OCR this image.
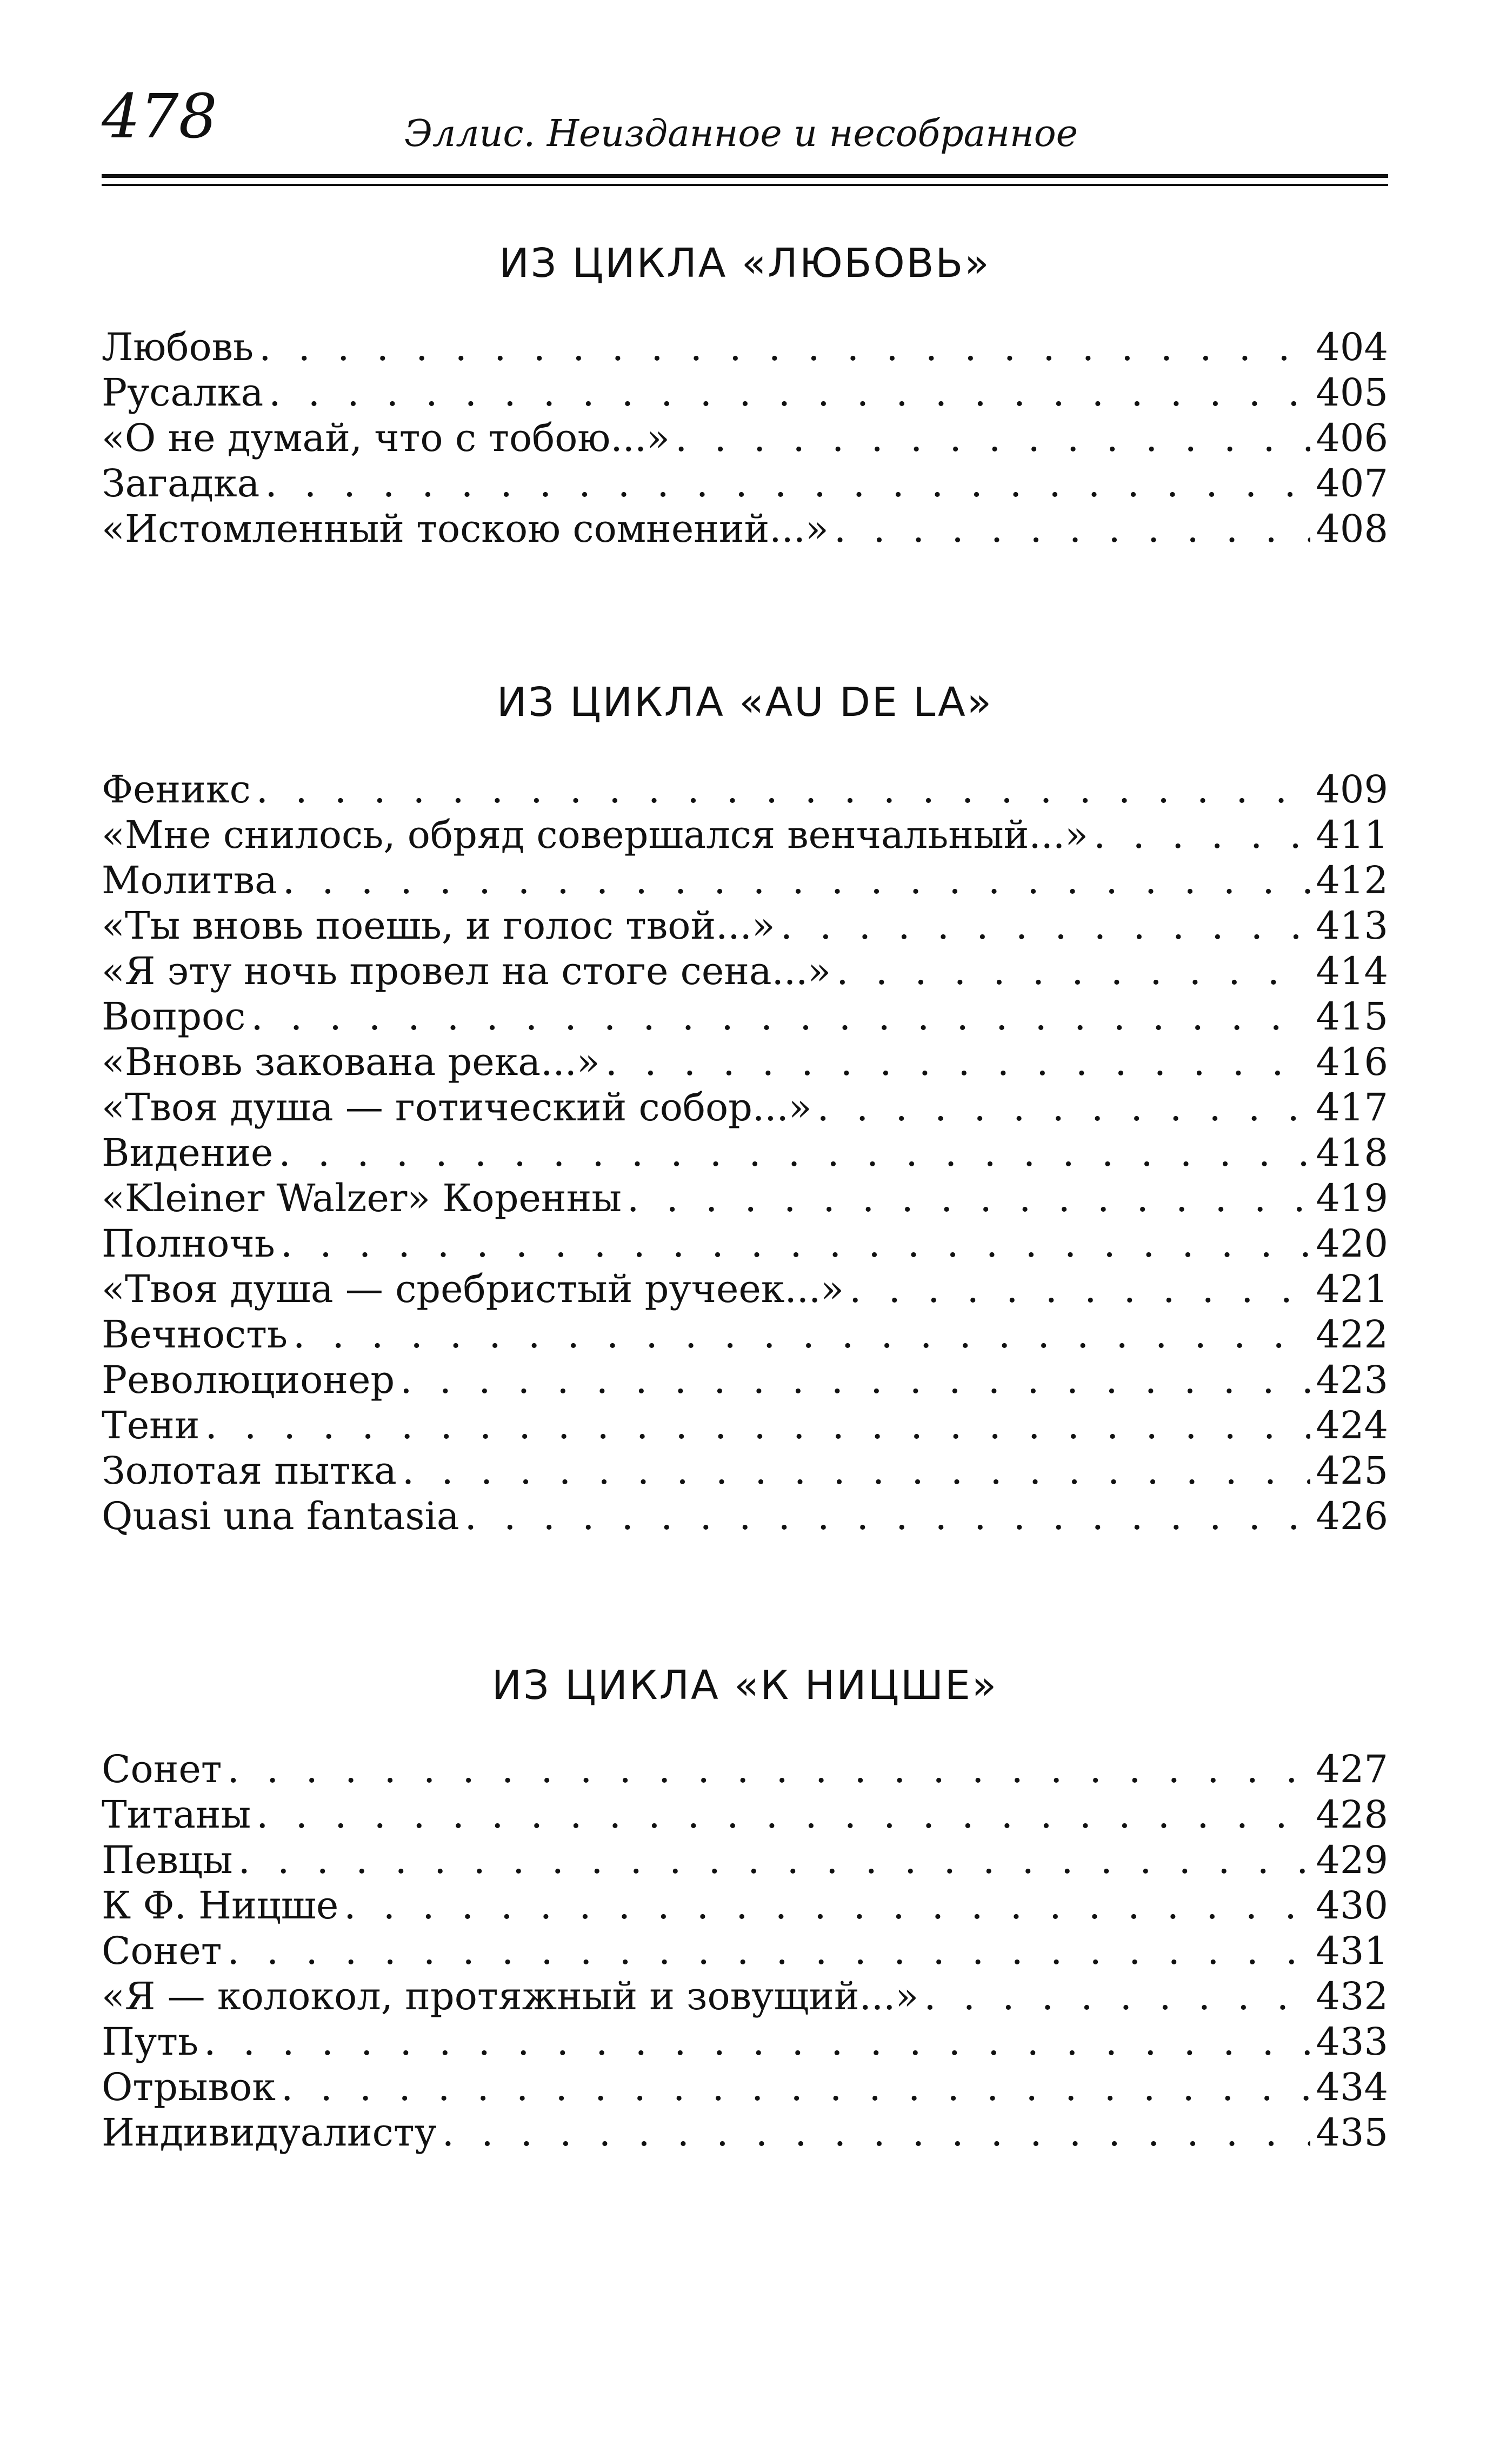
478	Эллис. Неизданное и несобранное
ИЗ ЦИКЛА «ЛЮБОВЬ»
Любовь . . .	404
Русалка . . .	405
«О не думай, что с тобою...» . . .	406
Загадка . . .	407
«Истомленный тоскою сомнений...» . . .	408
ИЗ ЦИКЛА «AU DE LA»
Феникс . . .	409
«Мне снилось, обряд совершался венчальный...» . . .	411
Молитва . . .	412
«Ты вновь поешь, и голос твой...» . . .	413
«Я эту ночь провел на стоге сена...» . . .	414
Вопрос . . .	415
«Вновь закована река...» . . .	416
«Твоя душа — готический собор...» . . .	417
Видение . . .	418
«Kleiner Walzer» Коренны . . .	419
Полночь . . .	420
«Твоя душа — сребристый ручеек...» . . .	421
Вечность . . .	422
Революционер . . .	423
Тени . . .	424
Золотая пытка . . .	425
Quasi una fantasia . . .	426
ИЗ ЦИКЛА «К НИЦШЕ»
Сонет . . .	427
Титаны . . .	428
Певцы . . .	429
К Ф. Ницше . . .	430
Сонет . . .	431
«Я — колокол, протяжный и зовущий...» . . .	432
Путь . . .	433
Отрывок . . .	434
Индивидуалисту . . .	435
